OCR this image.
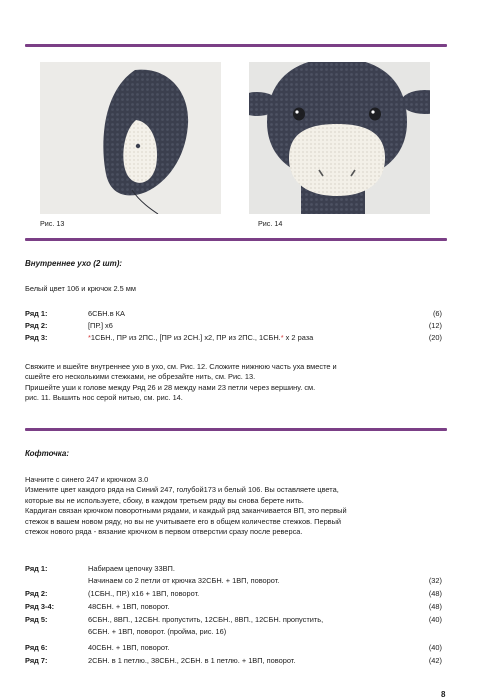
Рис. 13	Рис. 14
Внутреннее ухо (2 шт):
Белый цвет 106 и крючок 2.5 мм
Ряд 1:	6СБН.в КА	(6)
Ряд 2:	[ПР.] х6	(12)
Ряд 3:	*1СБН., ПР из 2ПС., [ПР из 2СН.] х2, ПР из 2ПС., 1СБН.* х 2 раза	(20)
Свяжите и вшейте внутреннее ухо в ухо, см. Рис. 12. Сложите нижнюю часть уха вместе и
сшейте его несколькими стежками, не обрезайте нить, см. Рис. 13.
Пришейте уши к голове между Ряд 26 и 28 между нами 23 петли через вершину. см.
рис. 11. Вышить нос серой нитью, см. рис. 14.
Кофточка:
Начните с синего 247 и крючком 3.0
Измените цвет каждого ряда на Синий 247, голубой173 и белый 106. Вы оставляете цвета,
которые вы не используете, сбоку, в каждом третьем ряду вы снова берете нить.
Кардиган связан крючком поворотными рядами, и каждый ряд заканчивается ВП, это первый
стежок в вашем новом ряду, но вы не учитываете его в общем количестве стежков. Первый
стежок нового ряда - вязание крючком в первом отверстии сразу после реверса.
Ряд 1:	Набираем цепочку 33ВП.
Начинаем со 2 петли от крючка 32СБН. + 1ВП, поворот.	(32)
Ряд 2:	(1СБН., ПР.) х16 + 1ВП, поворот.	(48)
Ряд 3-4:	48СБН. + 1ВП, поворот.	(48)
Ряд 5:	6СБН., 8ВП., 12СБН. пропустить, 12СБН., 8ВП., 12СБН. пропустить,	(40)
6СБН. + 1ВП, поворот. (пройма, рис. 16)
Ряд 6:	40СБН. + 1ВП, поворот.	(40)
Ряд 7:	2СБН. в 1 петлю., 38СБН., 2СБН. в 1 петлю. + 1ВП, поворот.	(42)
8
